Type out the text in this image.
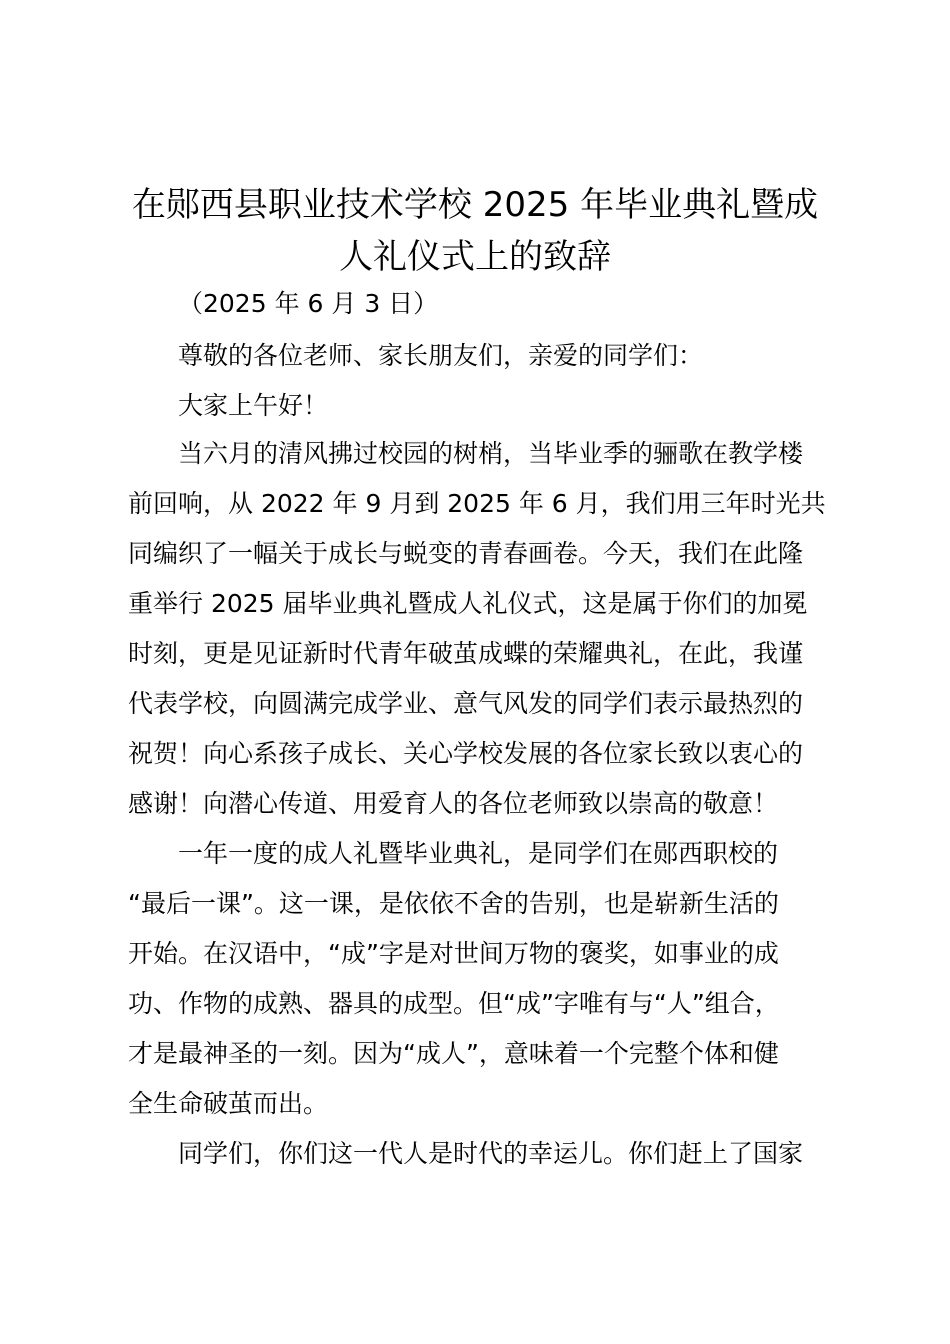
在郧西县职业技术学校 2025 年毕业典礼暨成
人礼仪式上的致辞
（2025 年 6 月 3 日）
尊敬的各位老师、家长朋友们，亲爱的同学们：
大家上午好！
当六月的清风拂过校园的树梢，当毕业季的骊歌在教学楼
前回响，从 2022 年 9 月到 2025 年 6 月，我们用三年时光共
同编织了一幅关于成长与蜕变的青春画卷。今天，我们在此隆
重举行 2025 届毕业典礼暨成人礼仪式，这是属于你们的加冕
时刻，更是见证新时代青年破茧成蝶的荣耀典礼，在此，我谨
代表学校，向圆满完成学业、意气风发的同学们表示最热烈的
祝贺！向心系孩子成长、关心学校发展的各位家长致以衷心的
感谢！向潜心传道、用爱育人的各位老师致以崇高的敬意！
一年一度的成人礼暨毕业典礼，是同学们在郧西职校的
“最后一课”。这一课，是依依不舍的告别，也是崭新生活的
开始。在汉语中，“成”字是对世间万物的褒奖，如事业的成
功、作物的成熟、器具的成型。但“成”字唯有与“人”组合，
才是最神圣的一刻。因为“成人”，意味着一个完整个体和健
全生命破茧而出。
同学们，你们这一代人是时代的幸运儿。你们赶上了国家
